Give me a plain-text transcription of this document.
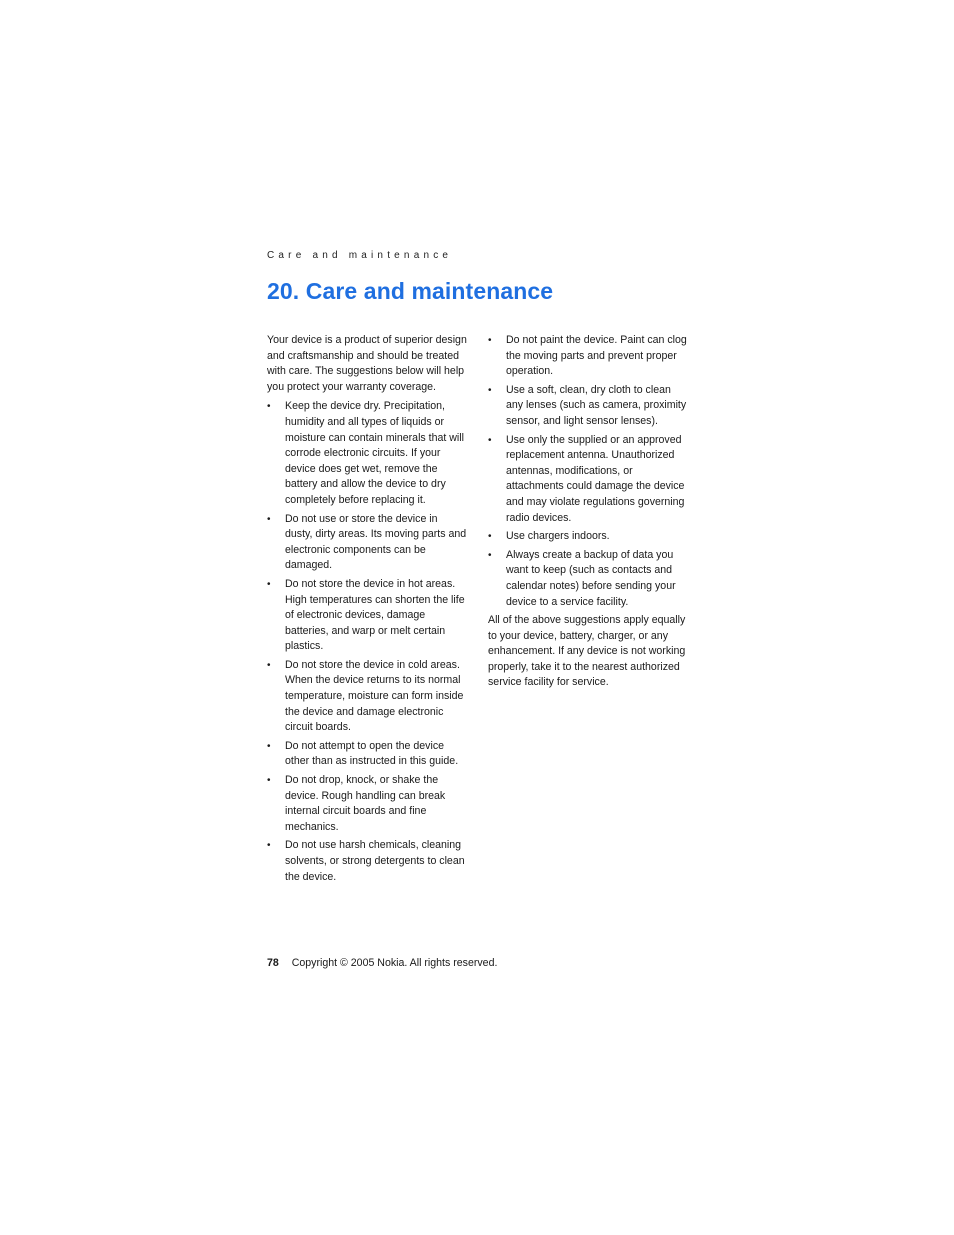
Care and maintenance
20. Care and maintenance

Your device is a product of superior design and craftsmanship and should be treated with care. The suggestions below will help you protect your warranty coverage.

• Keep the device dry. Precipitation, humidity and all types of liquids or moisture can contain minerals that will corrode electronic circuits. If your device does get wet, remove the battery and allow the device to dry completely before replacing it.
• Do not use or store the device in dusty, dirty areas. Its moving parts and electronic components can be damaged.
• Do not store the device in hot areas. High temperatures can shorten the life of electronic devices, damage batteries, and warp or melt certain plastics.
• Do not store the device in cold areas. When the device returns to its normal temperature, moisture can form inside the device and damage electronic circuit boards.
• Do not attempt to open the device other than as instructed in this guide.
• Do not drop, knock, or shake the device. Rough handling can break internal circuit boards and fine mechanics.
• Do not use harsh chemicals, cleaning solvents, or strong detergents to clean the device.
• Do not paint the device. Paint can clog the moving parts and prevent proper operation.
• Use a soft, clean, dry cloth to clean any lenses (such as camera, proximity sensor, and light sensor lenses).
• Use only the supplied or an approved replacement antenna. Unauthorized antennas, modifications, or attachments could damage the device and may violate regulations governing radio devices.
• Use chargers indoors.
• Always create a backup of data you want to keep (such as contacts and calendar notes) before sending your device to a service facility.

All of the above suggestions apply equally to your device, battery, charger, or any enhancement. If any device is not working properly, take it to the nearest authorized service facility for service.

78 Copyright © 2005 Nokia. All rights reserved.
